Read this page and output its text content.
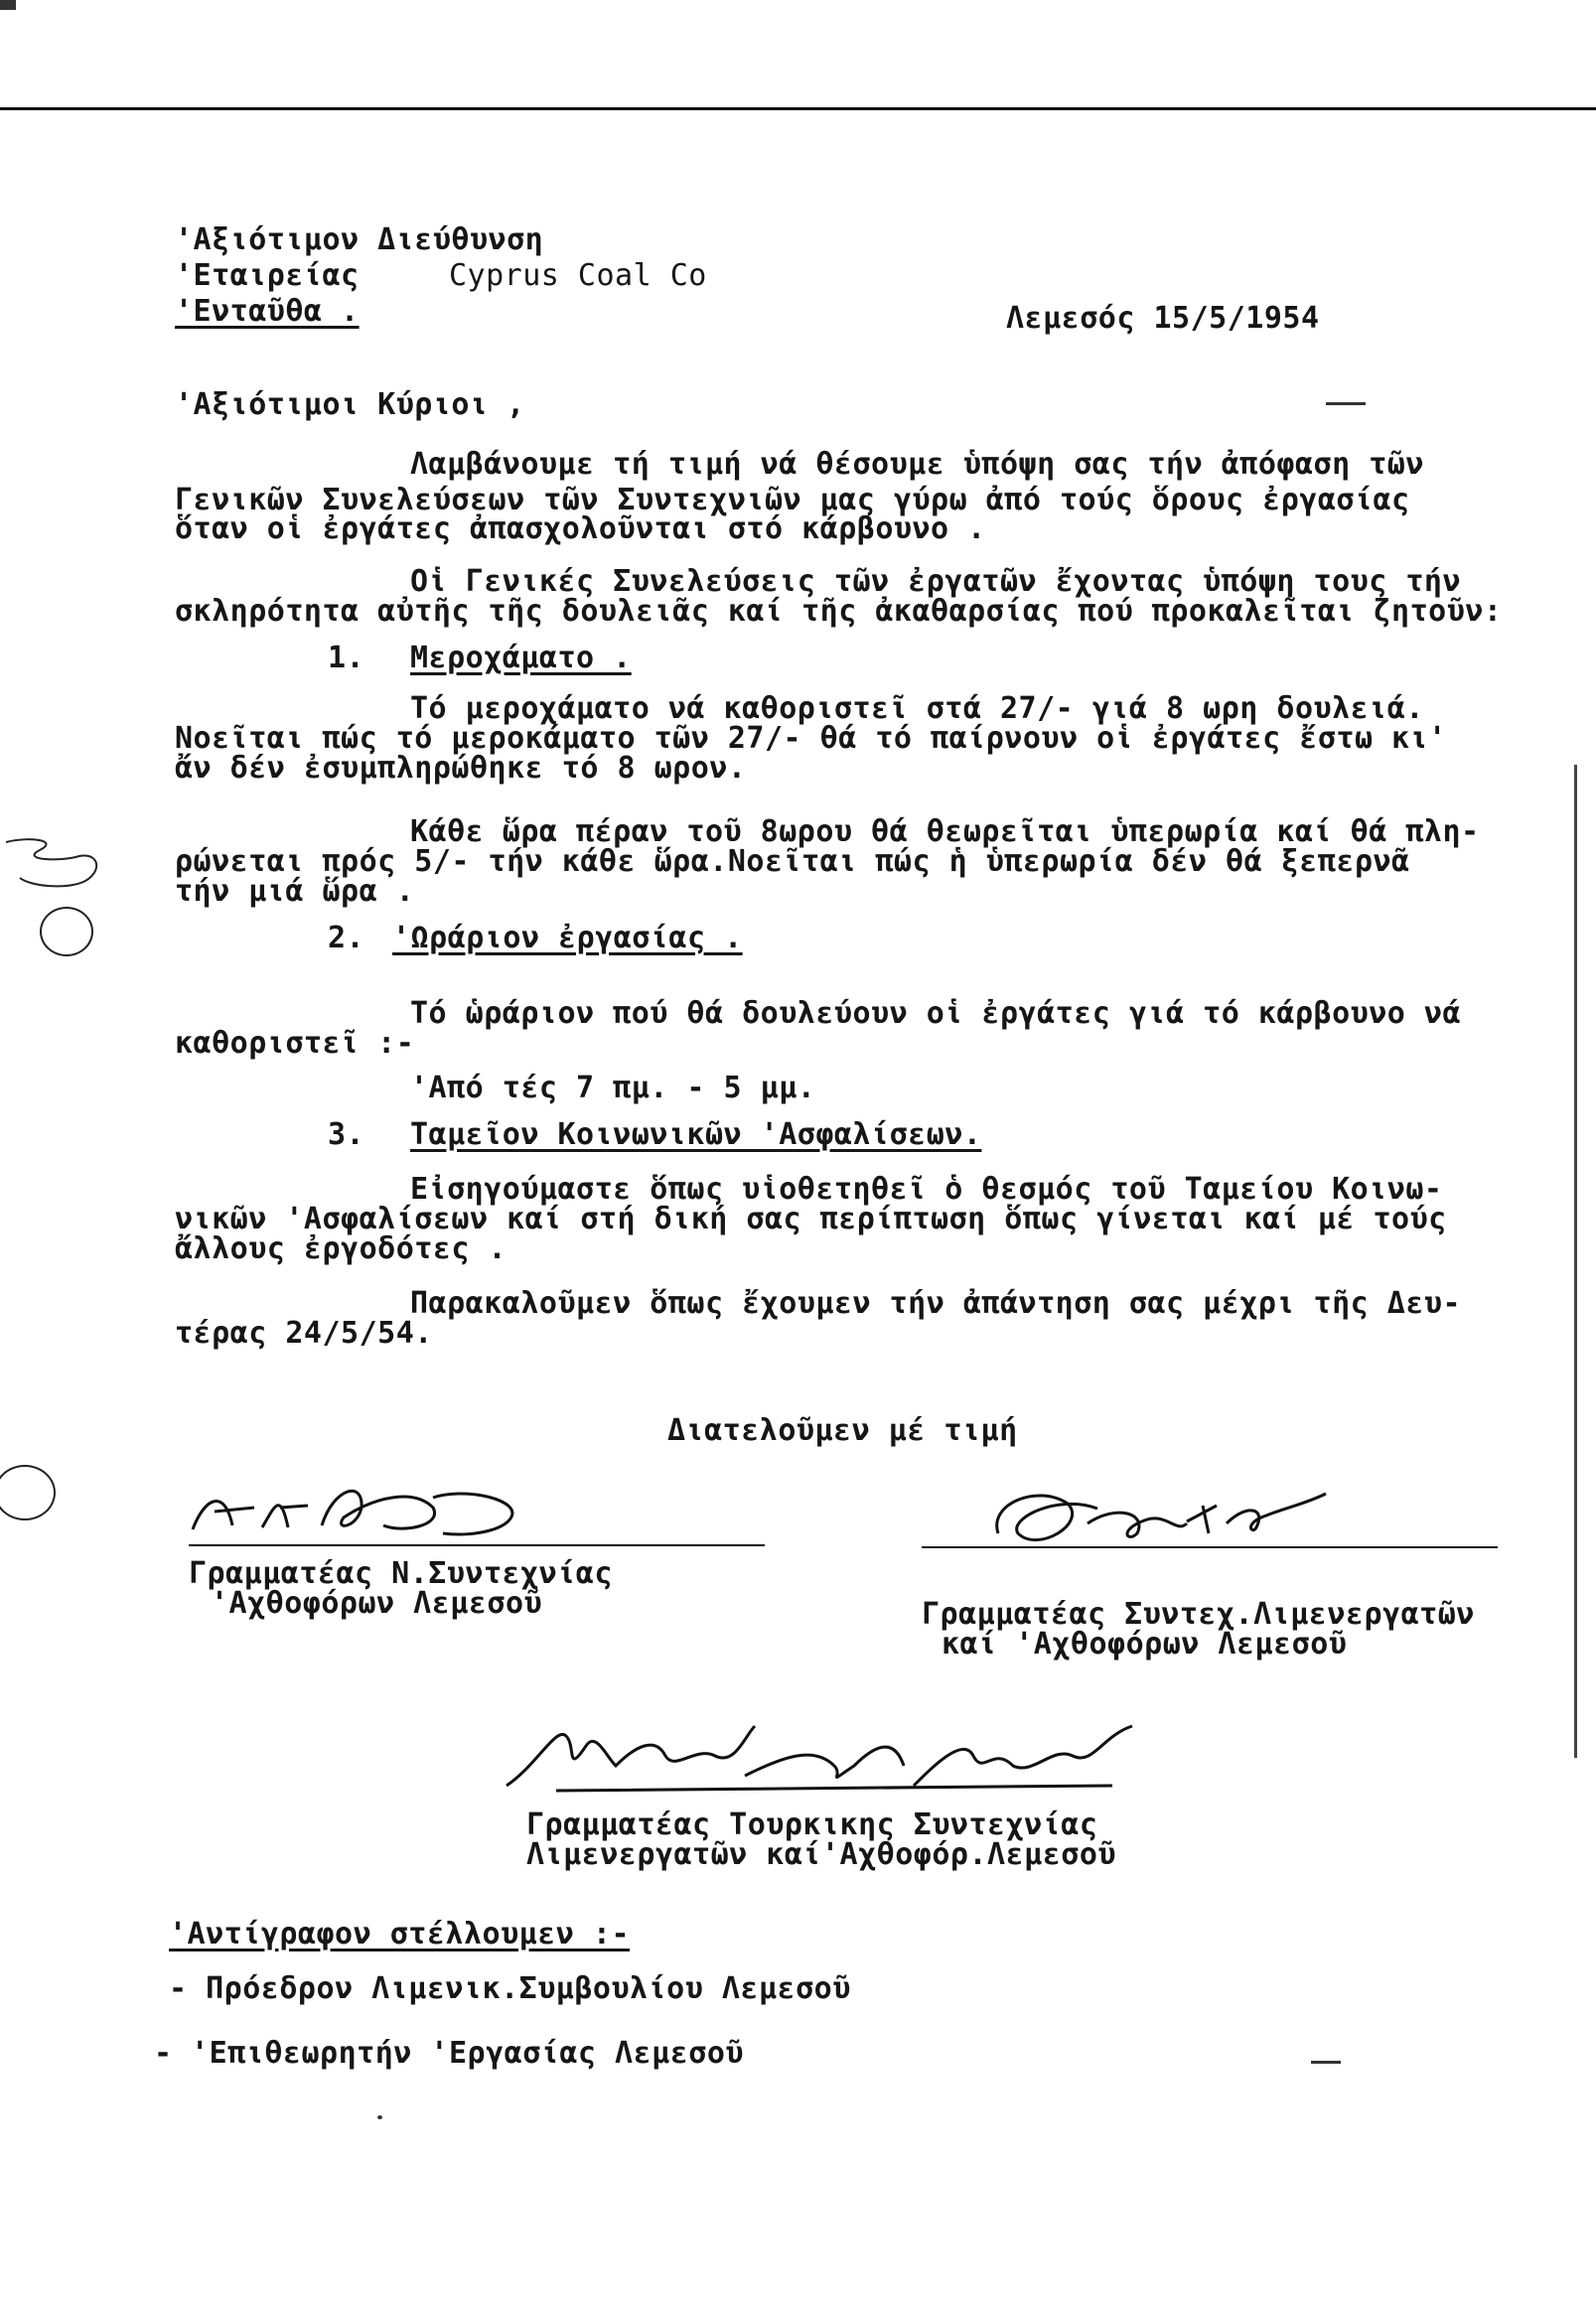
'Αξιότιμον Διεύθυνση
'Εταιρείας	Cyprus Coal Co
'Ενταῦθα .	Λεμεσός 15/5/1954
'Αξιότιμοι Κύριοι ,
Λαμβάνουμε τή τιμή νά θέσουμε ὑπόψη σας τήν ἀπόφαση τῶν
Γενικῶν Συνελεύσεων τῶν Συντεχνιῶν μας γύρω ἀπό τούς ὅρους ἐργασίας
ὅταν οἱ ἐργάτες ἀπασχολοῦνται στό κάρβουνο .
Οἱ Γενικές Συνελεύσεις τῶν ἐργατῶν ἔχοντας ὑπόψη τους τήν
σκληρότητα αὐτῆς τῆς δουλειᾶς καί τῆς ἀκαθαρσίας πού προκαλεῖται ζητοῦν:
1. Μεροχάματο .
Τό μεροχάματο νά καθοριστεῖ στά 27/- γιά 8 ωρη δουλειά.
Νοεῖται πώς τό μεροκάματο τῶν 27/- θά τό παίρνουν οἱ ἐργάτες ἔστω κι'
ἄν δέν ἐσυμπληρώθηκε τό 8 ωρον.
Κάθε ὥρα πέραν τοῦ 8ωρου θά θεωρεῖται ὑπερωρία καί θά πλη-
ρώνεται πρός 5/- τήν κάθε ὥρα.Νοεῖται πώς ἡ ὑπερωρία δέν θά ξεπερνᾶ
τήν μιά ὥρα .
2. 'Ωράριον ἐργασίας .
Τό ὡράριον πού θά δουλεύουν οἱ ἐργάτες γιά τό κάρβουνο νά
καθοριστεῖ :-
'Από τές 7 πμ. - 5 μμ.
3. Ταμεῖον Κοινωνικῶν 'Ασφαλίσεων.
Εἰσηγούμαστε ὅπως υἱοθετηθεῖ ὁ θεσμός τοῦ Ταμείου Κοινω-
νικῶν 'Ασφαλίσεων καί στή δική σας περίπτωση ὅπως γίνεται καί μέ τούς
ἄλλους ἐργοδότες .
Παρακαλοῦμεν ὅπως ἔχουμεν τήν ἀπάντηση σας μέχρι τῆς Δευ-
τέρας 24/5/54.
Διατελοῦμεν μέ τιμή
Γραμματέας Ν.Συντεχνίας
'Αχθοφόρων Λεμεσοῦ	Γραμματέας Συντεχ.Λιμενεργατῶν
καί 'Αχθοφόρων Λεμεσοῦ
Γραμματέας Τουρκικης Συντεχνίας
Λιμενεργατῶν καί'Αχθοφόρ.Λεμεσοῦ
'Αντίγραφον στέλλουμεν :-
- Πρόεδρον Λιμενικ.Συμβουλίου Λεμεσοῦ
- 'Επιθεωρητήν 'Εργασίας Λεμεσοῦ
